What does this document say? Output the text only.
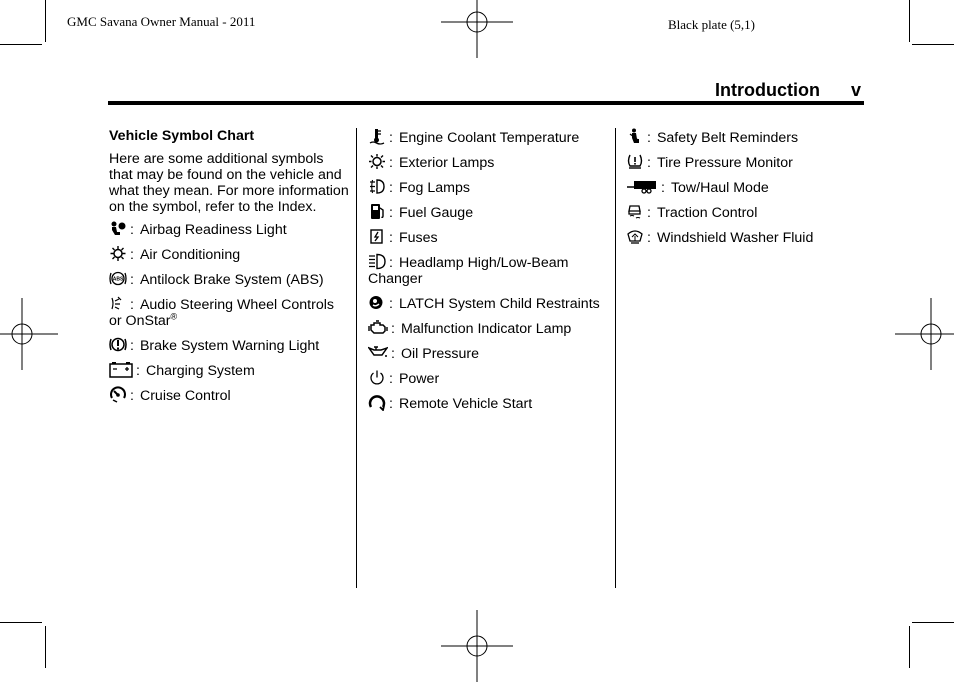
GMC Savana Owner Manual - 2011	Black plate (5,1)
Introduction v
Vehicle Symbol Chart
Here are some additional symbols that may be found on the vehicle and what they mean. For more information on the symbol, refer to the Index.
: Airbag Readiness Light
: Air Conditioning
ABS : Antilock Brake System (ABS)
: Audio Steering Wheel Controls or OnStar®
: Brake System Warning Light
: Charging System
: Cruise Control
: Engine Coolant Temperature
: Exterior Lamps
: Fog Lamps
: Fuel Gauge
: Fuses
: Headlamp High/Low-Beam Changer
: LATCH System Child Restraints
: Malfunction Indicator Lamp
: Oil Pressure
: Power
: Remote Vehicle Start
: Safety Belt Reminders
: Tire Pressure Monitor
: Tow/Haul Mode
: Traction Control
: Windshield Washer Fluid
